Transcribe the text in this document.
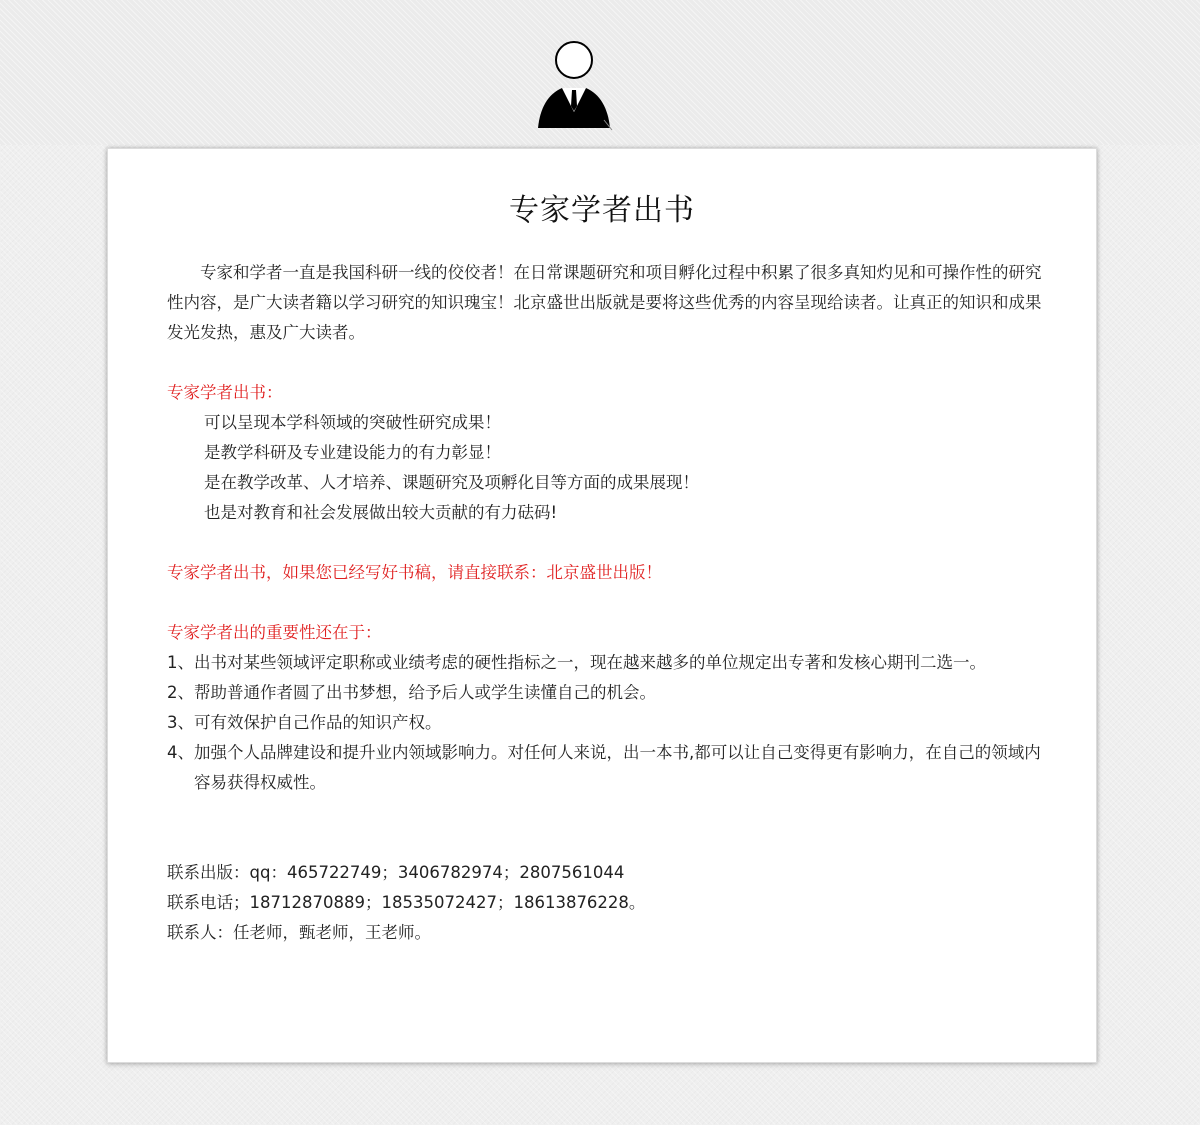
专家学者出书

专家和学者一直是我国科研一线的佼佼者！在日常课题研究和项目孵化过程中积累了很多真知灼见和可操作性的研究性内容，是广大读者籍以学习研究的知识瑰宝！北京盛世出版就是要将这些优秀的内容呈现给读者。让真正的知识和成果发光发热，惠及广大读者。

专家学者出书：

可以呈现本学科领域的突破性研究成果！

是教学科研及专业建设能力的有力彰显！

是在教学改革、人才培养、课题研究及项孵化目等方面的成果展现！

也是对教育和社会发展做出较大贡献的有力砝码!

专家学者出书，如果您已经写好书稿，请直接联系：北京盛世出版！

专家学者出的重要性还在于：

1、 出书对某些领域评定职称或业绩考虑的硬性指标之一，现在越来越多的单位规定出专著和发核心期刊二选一。
2、 帮助普通作者圆了出书梦想，给予后人或学生读懂自己的机会。
3、 可有效保护自己作品的知识产权。
4、 加强个人品牌建设和提升业内领域影响力。对任何人来说，出一本书,都可以让自己变得更有影响力，在自己的领域内容易获得权威性。

联系出版：qq：465722749；3406782974；2807561044

联系电话；18712870889；18535072427；18613876228。

联系人：任老师，甄老师，王老师。
